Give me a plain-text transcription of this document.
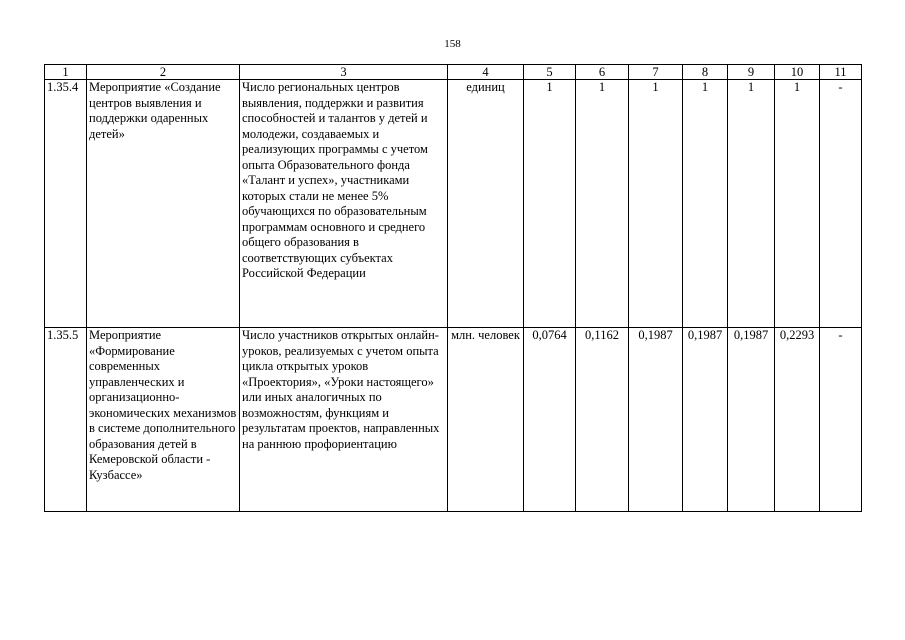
158
1	2	3	4	5	6	7	8	9	10	11
1.35.4	Мероприятие «Создание центров выявления и поддержки одаренных детей»	Число региональных центров выявления, поддержки и развития способностей и талантов у детей и молодежи, создаваемых и реализующих программы с учетом опыта Образовательного фонда «Талант и успех», участниками которых стали не менее 5% обучающихся по образовательным программам основного и среднего общего образования в соответствующих субъектах Российской Федерации	единиц	1	1	1	1	1	1	-
1.35.5	Мероприятие «Формирование современных управленческих и организационно-экономических механизмов в системе дополнительного образования детей в Кемеровской области - Кузбассе»	Число участников открытых онлайн-уроков, реализуемых с учетом опыта цикла открытых уроков «Проектория», «Уроки настоящего» или иных аналогичных по возможностям, функциям и результатам проектов, направленных на раннюю профориентацию	млн. человек	0,0764	0,1162	0,1987	0,1987	0,1987	0,2293	-
